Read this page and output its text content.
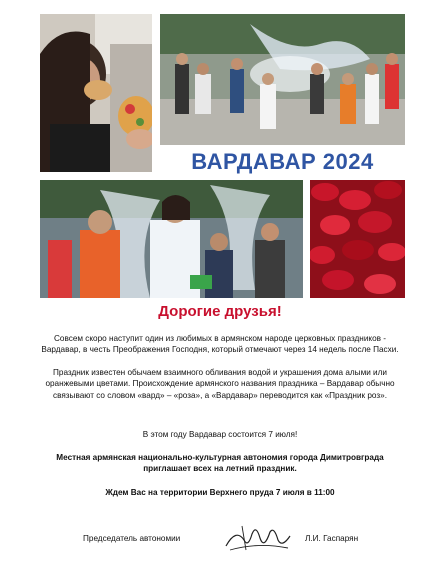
ВАРДАВАР 2024
Дорогие друзья!
Совсем скоро наступит один из любимых в армянском народе церковных праздников - Вардавар, в честь Преображения Господня, который отмечают через 14 недель после Пасхи.
Праздник известен обычаем взаимного обливания водой и украшения дома алыми или оранжевыми цветами. Происхождение армянского названия праздника – Вардавар обычно связывают со словом «вард» – «роза», а «Вардавар» переводится как «Праздник роз».
В этом году Вардавар состоится 7 июля!
Местная армянская национально-культурная автономия города Димитровграда приглашает всех на летний праздник.
Ждем Вас на территории Верхнего пруда 7 июля в 11:00
Председатель автономии	Л.И. Гаспарян
